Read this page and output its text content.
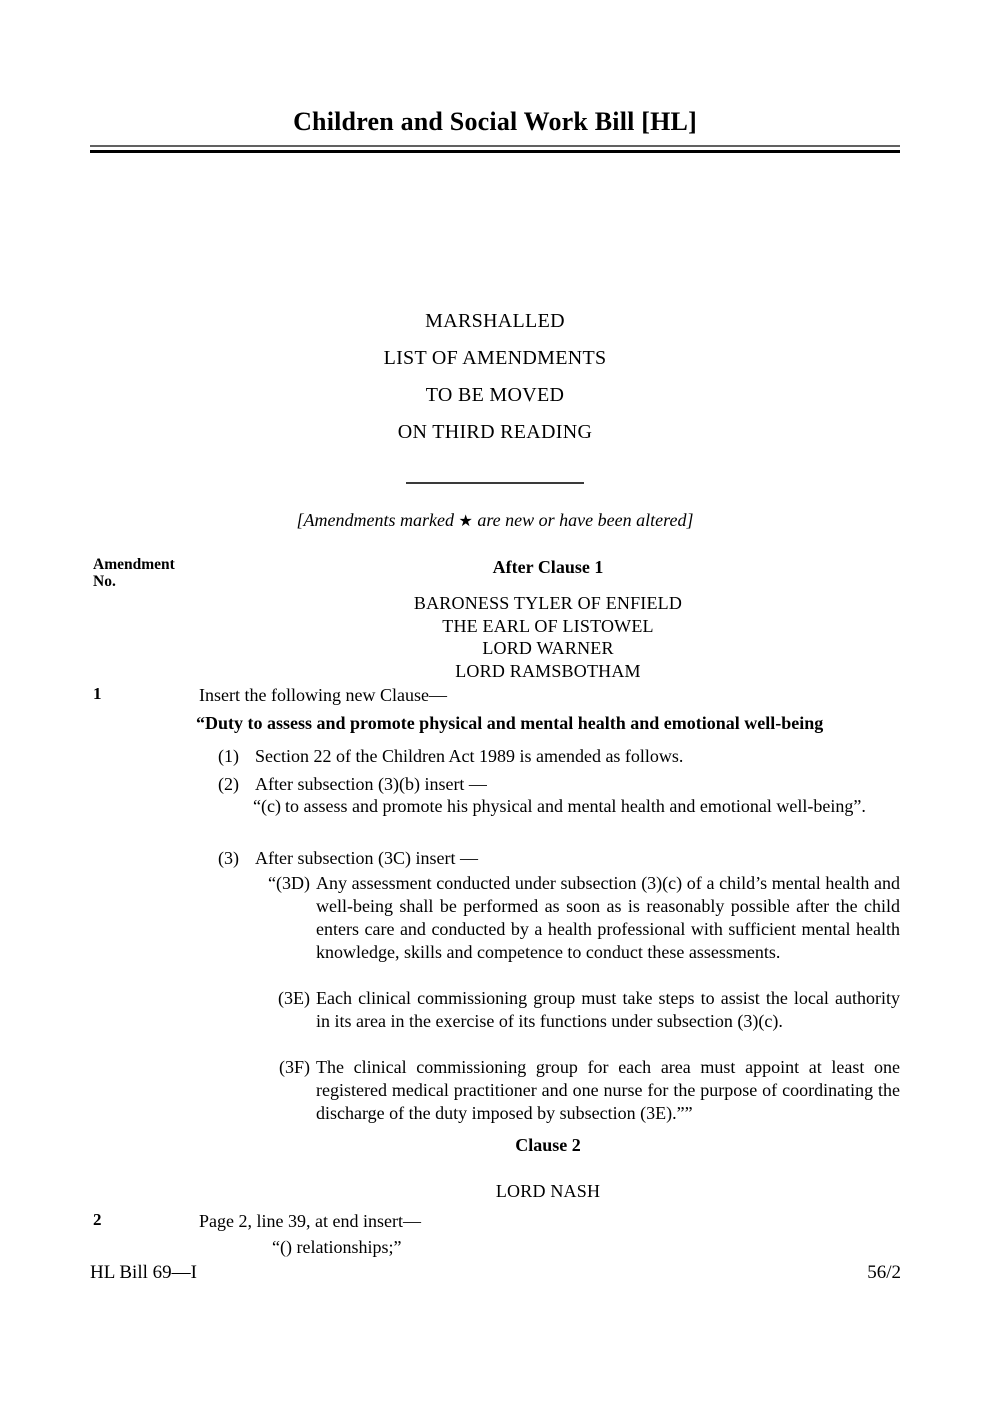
Children and Social Work Bill [HL]
MARSHALLED
LIST OF AMENDMENTS
TO BE MOVED
ON THIRD READING
[Amendments marked ★ are new or have been altered]
Amendment
No.
After Clause 1
BARONESS TYLER OF ENFIELD
THE EARL OF LISTOWEL
LORD WARNER
LORD RAMSBOTHAM
1	Insert the following new Clause—
“Duty to assess and promote physical and mental health and emotional well-being
(1) Section 22 of the Children Act 1989 is amended as follows.
(2) After subsection (3)(b) insert —
“(c) to assess and promote his physical and mental health and emotional well-being”.
(3) After subsection (3C) insert —
“(3D) Any assessment conducted under subsection (3)(c) of a child’s mental health and well-being shall be performed as soon as is reasonably possible after the child enters care and conducted by a health professional with sufficient mental health knowledge, skills and competence to conduct these assessments.
(3E) Each clinical commissioning group must take steps to assist the local authority in its area in the exercise of its functions under subsection (3)(c).
(3F) The clinical commissioning group for each area must appoint at least one registered medical practitioner and one nurse for the purpose of coordinating the discharge of the duty imposed by subsection (3E).””
Clause 2
LORD NASH
2	Page 2, line 39, at end insert—
“() relationships;”
HL Bill 69—I	56/2
